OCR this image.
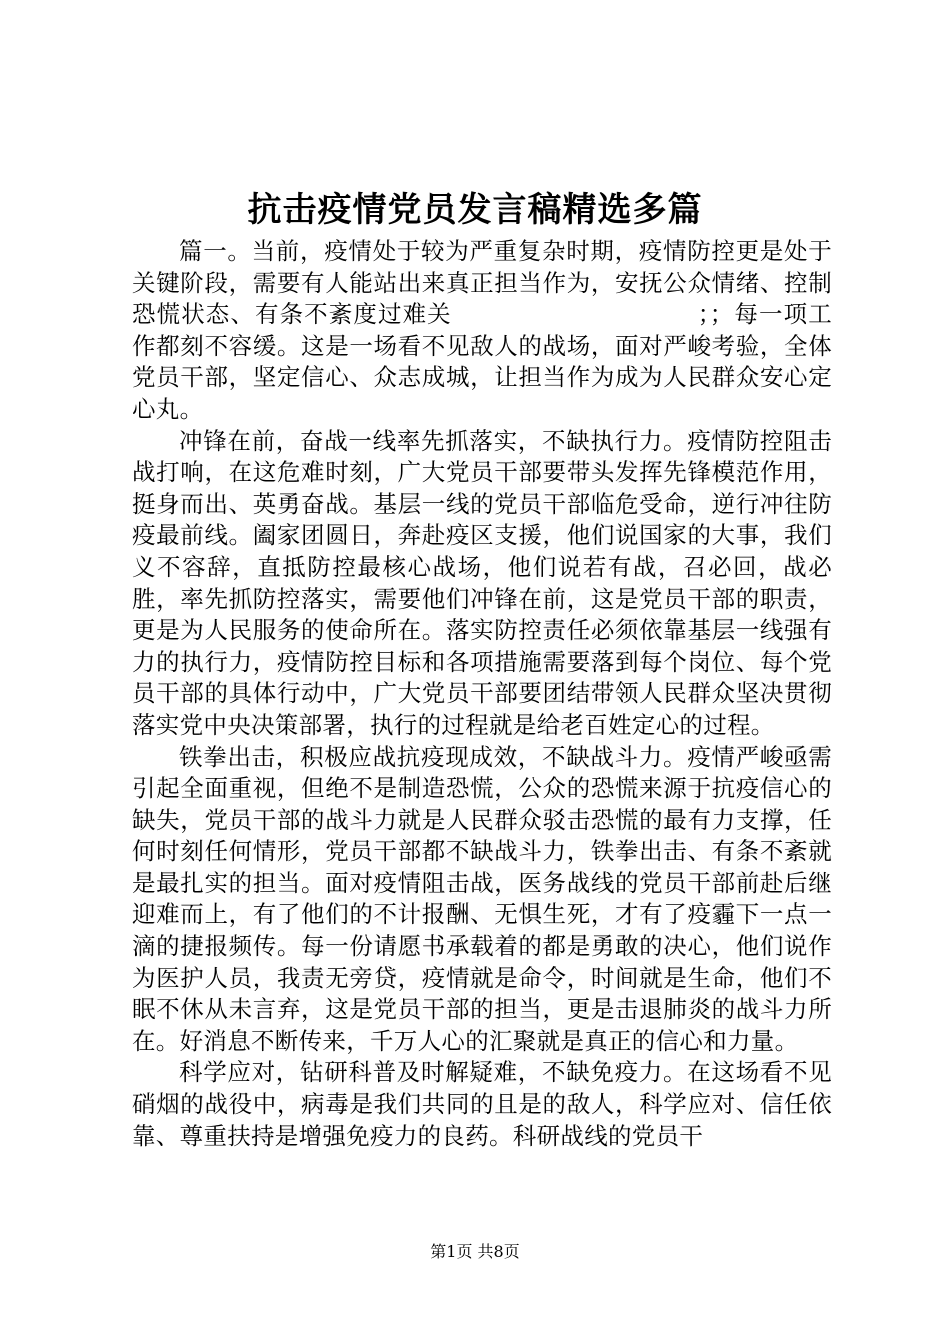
抗击疫情党员发言稿精选多篇

篇一。当前，疫情处于较为严重复杂时期，疫情防控更是处于关键阶段，需要有人能站出来真正担当作为，安抚公众情绪、控制恐慌状态、有条不紊度过难关　　　　　　　　　　；；每一项工作都刻不容缓。这是一场看不见敌人的战场，面对严峻考验，全体党员干部，坚定信心、众志成城，让担当作为成为人民群众安心定心丸。

冲锋在前，奋战一线率先抓落实，不缺执行力。疫情防控阻击战打响，在这危难时刻，广大党员干部要带头发挥先锋模范作用，挺身而出、英勇奋战。基层一线的党员干部临危受命，逆行冲往防疫最前线。阖家团圆日，奔赴疫区支援，他们说国家的大事，我们义不容辞，直抵防控最核心战场，他们说若有战，召必回，战必胜，率先抓防控落实，需要他们冲锋在前，这是党员干部的职责，更是为人民服务的使命所在。落实防控责任必须依靠基层一线强有力的执行力，疫情防控目标和各项措施需要落到每个岗位、每个党员干部的具体行动中，广大党员干部要团结带领人民群众坚决贯彻落实党中央决策部署，执行的过程就是给老百姓定心的过程。

铁拳出击，积极应战抗疫现成效，不缺战斗力。疫情严峻亟需引起全面重视，但绝不是制造恐慌，公众的恐慌来源于抗疫信心的缺失，党员干部的战斗力就是人民群众驳击恐慌的最有力支撑，任何时刻任何情形，党员干部都不缺战斗力，铁拳出击、有条不紊就是最扎实的担当。面对疫情阻击战，医务战线的党员干部前赴后继迎难而上，有了他们的不计报酬、无惧生死，才有了疫霾下一点一滴的捷报频传。每一份请愿书承载着的都是勇敢的决心，他们说作为医护人员，我责无旁贷，疫情就是命令，时间就是生命，他们不眠不休从未言弃，这是党员干部的担当，更是击退肺炎的战斗力所在。好消息不断传来，千万人心的汇聚就是真正的信心和力量。

科学应对，钻研科普及时解疑难，不缺免疫力。在这场看不见硝烟的战役中，病毒是我们共同的且是的敌人，科学应对、信任依靠、尊重扶持是增强免疫力的良药。科研战线的党员干

第1页 共8页
